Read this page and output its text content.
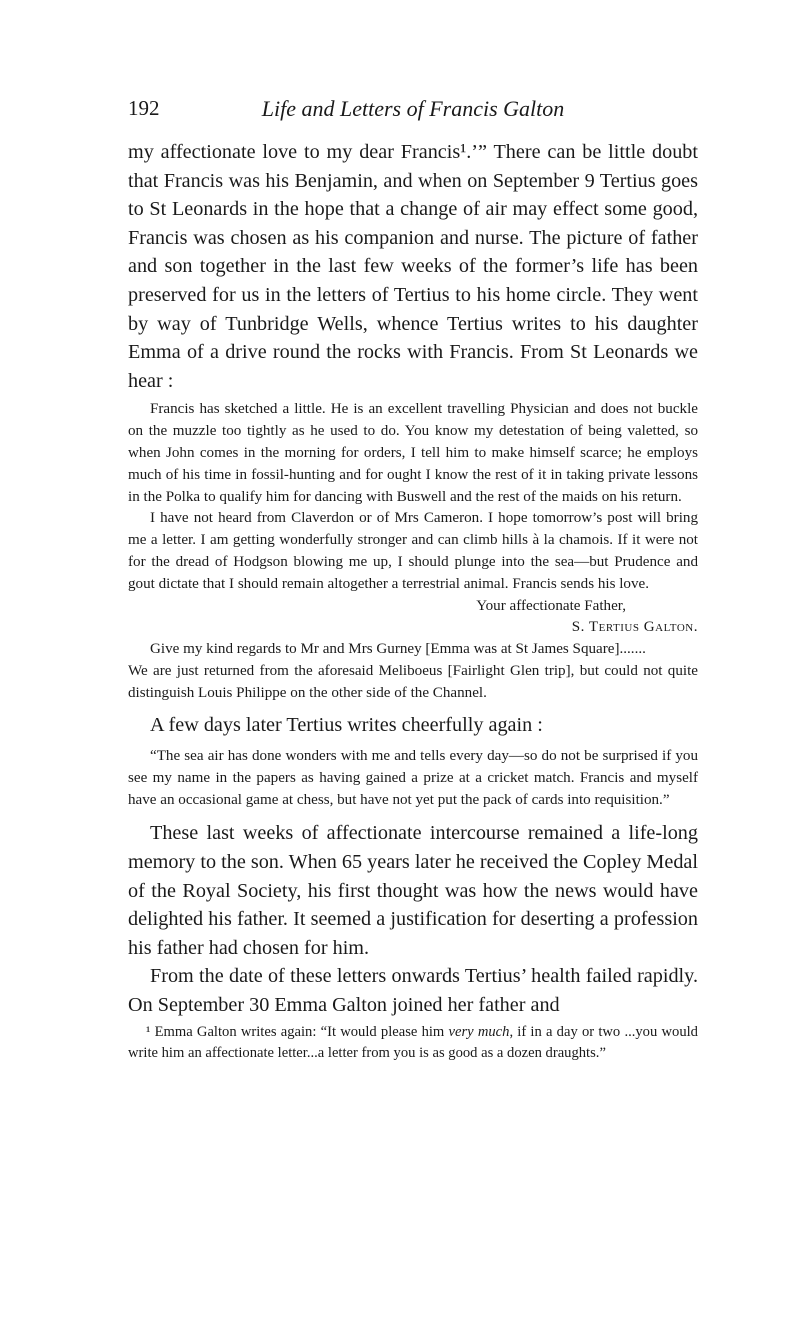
192	Life and Letters of Francis Galton

my affectionate love to my dear Francis¹.’” There can be little doubt that Francis was his Benjamin, and when on September 9 Tertius goes to St Leonards in the hope that a change of air may effect some good, Francis was chosen as his companion and nurse. The picture of father and son together in the last few weeks of the former’s life has been preserved for us in the letters of Tertius to his home circle. They went by way of Tunbridge Wells, whence Tertius writes to his daughter Emma of a drive round the rocks with Francis. From St Leonards we hear :

Francis has sketched a little. He is an excellent travelling Physician and does not buckle on the muzzle too tightly as he used to do. You know my detestation of being valetted, so when John comes in the morning for orders, I tell him to make himself scarce; he employs much of his time in fossil-hunting and for ought I know the rest of it in taking private lessons in the Polka to qualify him for dancing with Buswell and the rest of the maids on his return.

I have not heard from Claverdon or of Mrs Cameron. I hope tomorrow’s post will bring me a letter. I am getting wonderfully stronger and can climb hills à la chamois. If it were not for the dread of Hodgson blowing me up, I should plunge into the sea—but Prudence and gout dictate that I should remain altogether a terrestrial animal. Francis sends his love.

Your affectionate Father,
S. Tertius Galton.

Give my kind regards to Mr and Mrs Gurney [Emma was at St James Square].......

We are just returned from the aforesaid Meliboeus [Fairlight Glen trip], but could not quite distinguish Louis Philippe on the other side of the Channel.

A few days later Tertius writes cheerfully again :

“The sea air has done wonders with me and tells every day—so do not be surprised if you see my name in the papers as having gained a prize at a cricket match. Francis and myself have an occasional game at chess, but have not yet put the pack of cards into requisition.”

These last weeks of affectionate intercourse remained a life-long memory to the son. When 65 years later he received the Copley Medal of the Royal Society, his first thought was how the news would have delighted his father. It seemed a justification for deserting a profession his father had chosen for him.

From the date of these letters onwards Tertius’ health failed rapidly. On September 30 Emma Galton joined her father and

¹ Emma Galton writes again: “It would please him very much, if in a day or two ...you would write him an affectionate letter...a letter from you is as good as a dozen draughts.”
